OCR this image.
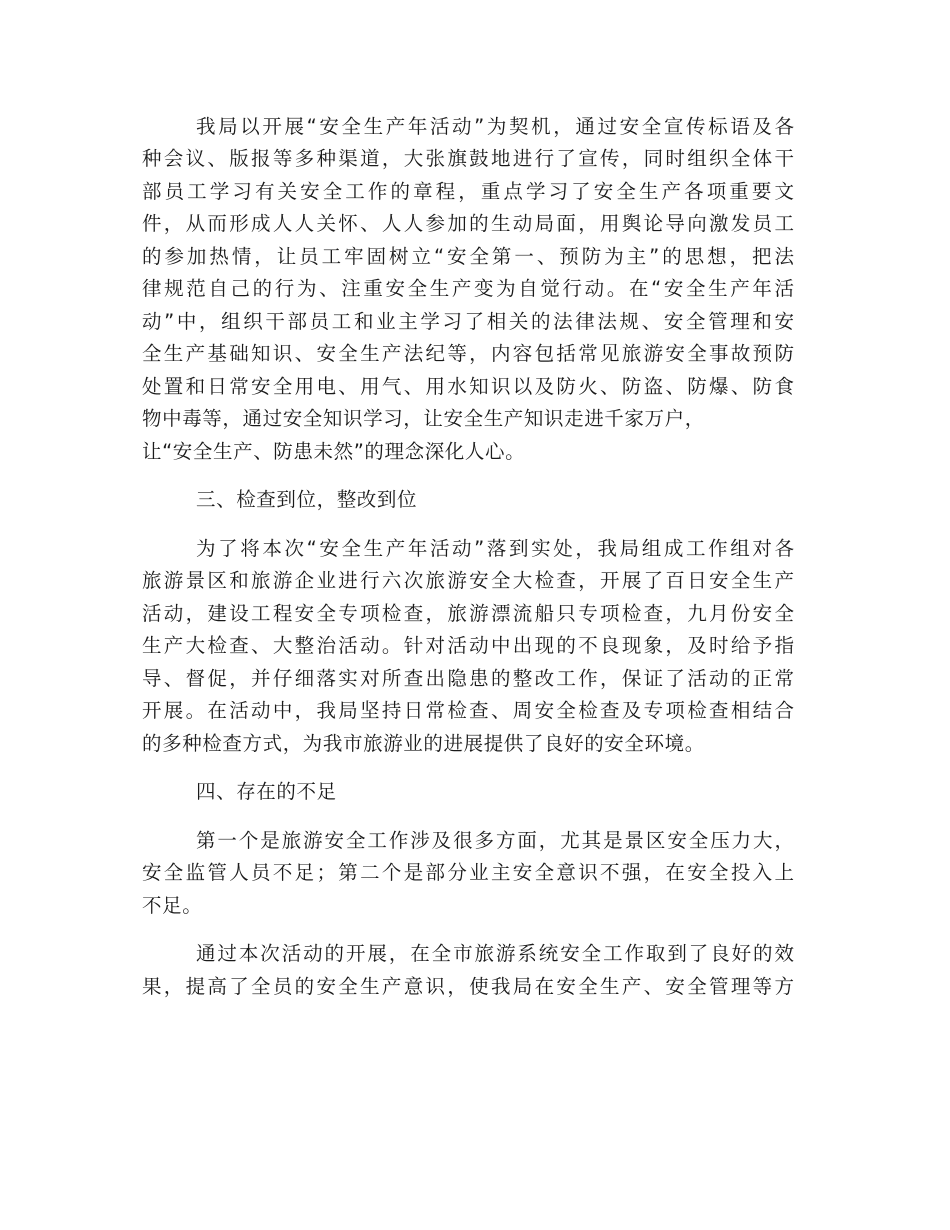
我局以开展“安全生产年活动”为契机，通过安全宣传标语及各
种会议、版报等多种渠道，大张旗鼓地进行了宣传，同时组织全体干
部员工学习有关安全工作的章程，重点学习了安全生产各项重要文
件，从而形成人人关怀、人人参加的生动局面，用舆论导向激发员工
的参加热情，让员工牢固树立“安全第一、预防为主”的思想，把法
律规范自己的行为、注重安全生产变为自觉行动。在“安全生产年活
动”中，组织干部员工和业主学习了相关的法律法规、安全管理和安
全生产基础知识、安全生产法纪等，内容包括常见旅游安全事故预防
处置和日常安全用电、用气、用水知识以及防火、防盗、防爆、防食
物中毒等，通过安全知识学习，让安全生产知识走进千家万户，
让“安全生产、防患未然”的理念深化人心。
三、检查到位，整改到位
为了将本次“安全生产年活动”落到实处，我局组成工作组对各
旅游景区和旅游企业进行六次旅游安全大检查，开展了百日安全生产
活动，建设工程安全专项检查，旅游漂流船只专项检查，九月份安全
生产大检查、大整治活动。针对活动中出现的不良现象，及时给予指
导、督促，并仔细落实对所查出隐患的整改工作，保证了活动的正常
开展。在活动中，我局坚持日常检查、周安全检查及专项检查相结合
的多种检查方式，为我市旅游业的进展提供了良好的安全环境。
四、存在的不足
第一个是旅游安全工作涉及很多方面，尤其是景区安全压力大，
安全监管人员不足；第二个是部分业主安全意识不强，在安全投入上
不足。
通过本次活动的开展，在全市旅游系统安全工作取到了良好的效
果，提高了全员的安全生产意识，使我局在安全生产、安全管理等方
